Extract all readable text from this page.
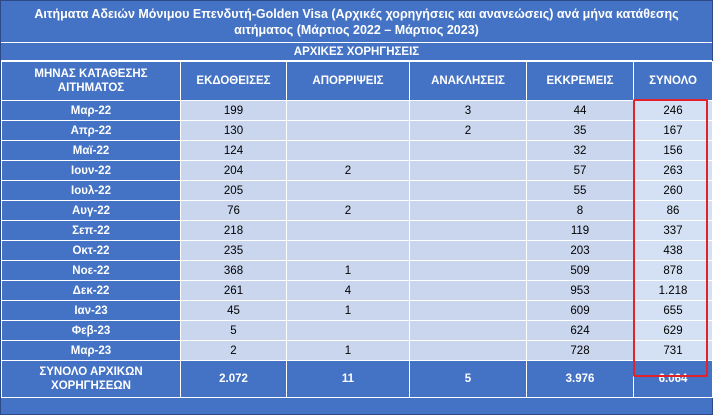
Αιτήματα Αδειών Μόνιμου Επενδυτή-Golden Visa (Αρχικές χορηγήσεις και ανανεώσεις) ανά μήνα κατάθεσης
αιτήματος (Μάρτιος 2022 – Μάρτιος 2023)
ΑΡΧΙΚΕΣ ΧΟΡΗΓΗΣΕΙΣ
ΜΗΝΑΣ ΚΑΤΑΘΕΣΗΣ ΑΙΤΗΜΑΤΟΣ	ΕΚΔΟΘΕΙΣΕΣ	ΑΠΟΡΡΙΨΕΙΣ	ΑΝΑΚΛΗΣΕΙΣ	ΕΚΚΡΕΜΕΙΣ	ΣΥΝΟΛΟ
Μαρ-22	199		3	44	246
Απρ-22	130		2	35	167
Μαϊ-22	124			32	156
Ιουν-22	204	2		57	263
Ιουλ-22	205			55	260
Αυγ-22	76	2		8	86
Σεπ-22	218			119	337
Οκτ-22	235			203	438
Νοε-22	368	1		509	878
Δεκ-22	261	4		953	1.218
Ιαν-23	45	1		609	655
Φεβ-23	5			624	629
Μαρ-23	2	1		728	731
ΣΥΝΟΛΟ ΑΡΧΙΚΩΝ ΧΟΡΗΓΗΣΕΩΝ	2.072	11	5	3.976	6.064
